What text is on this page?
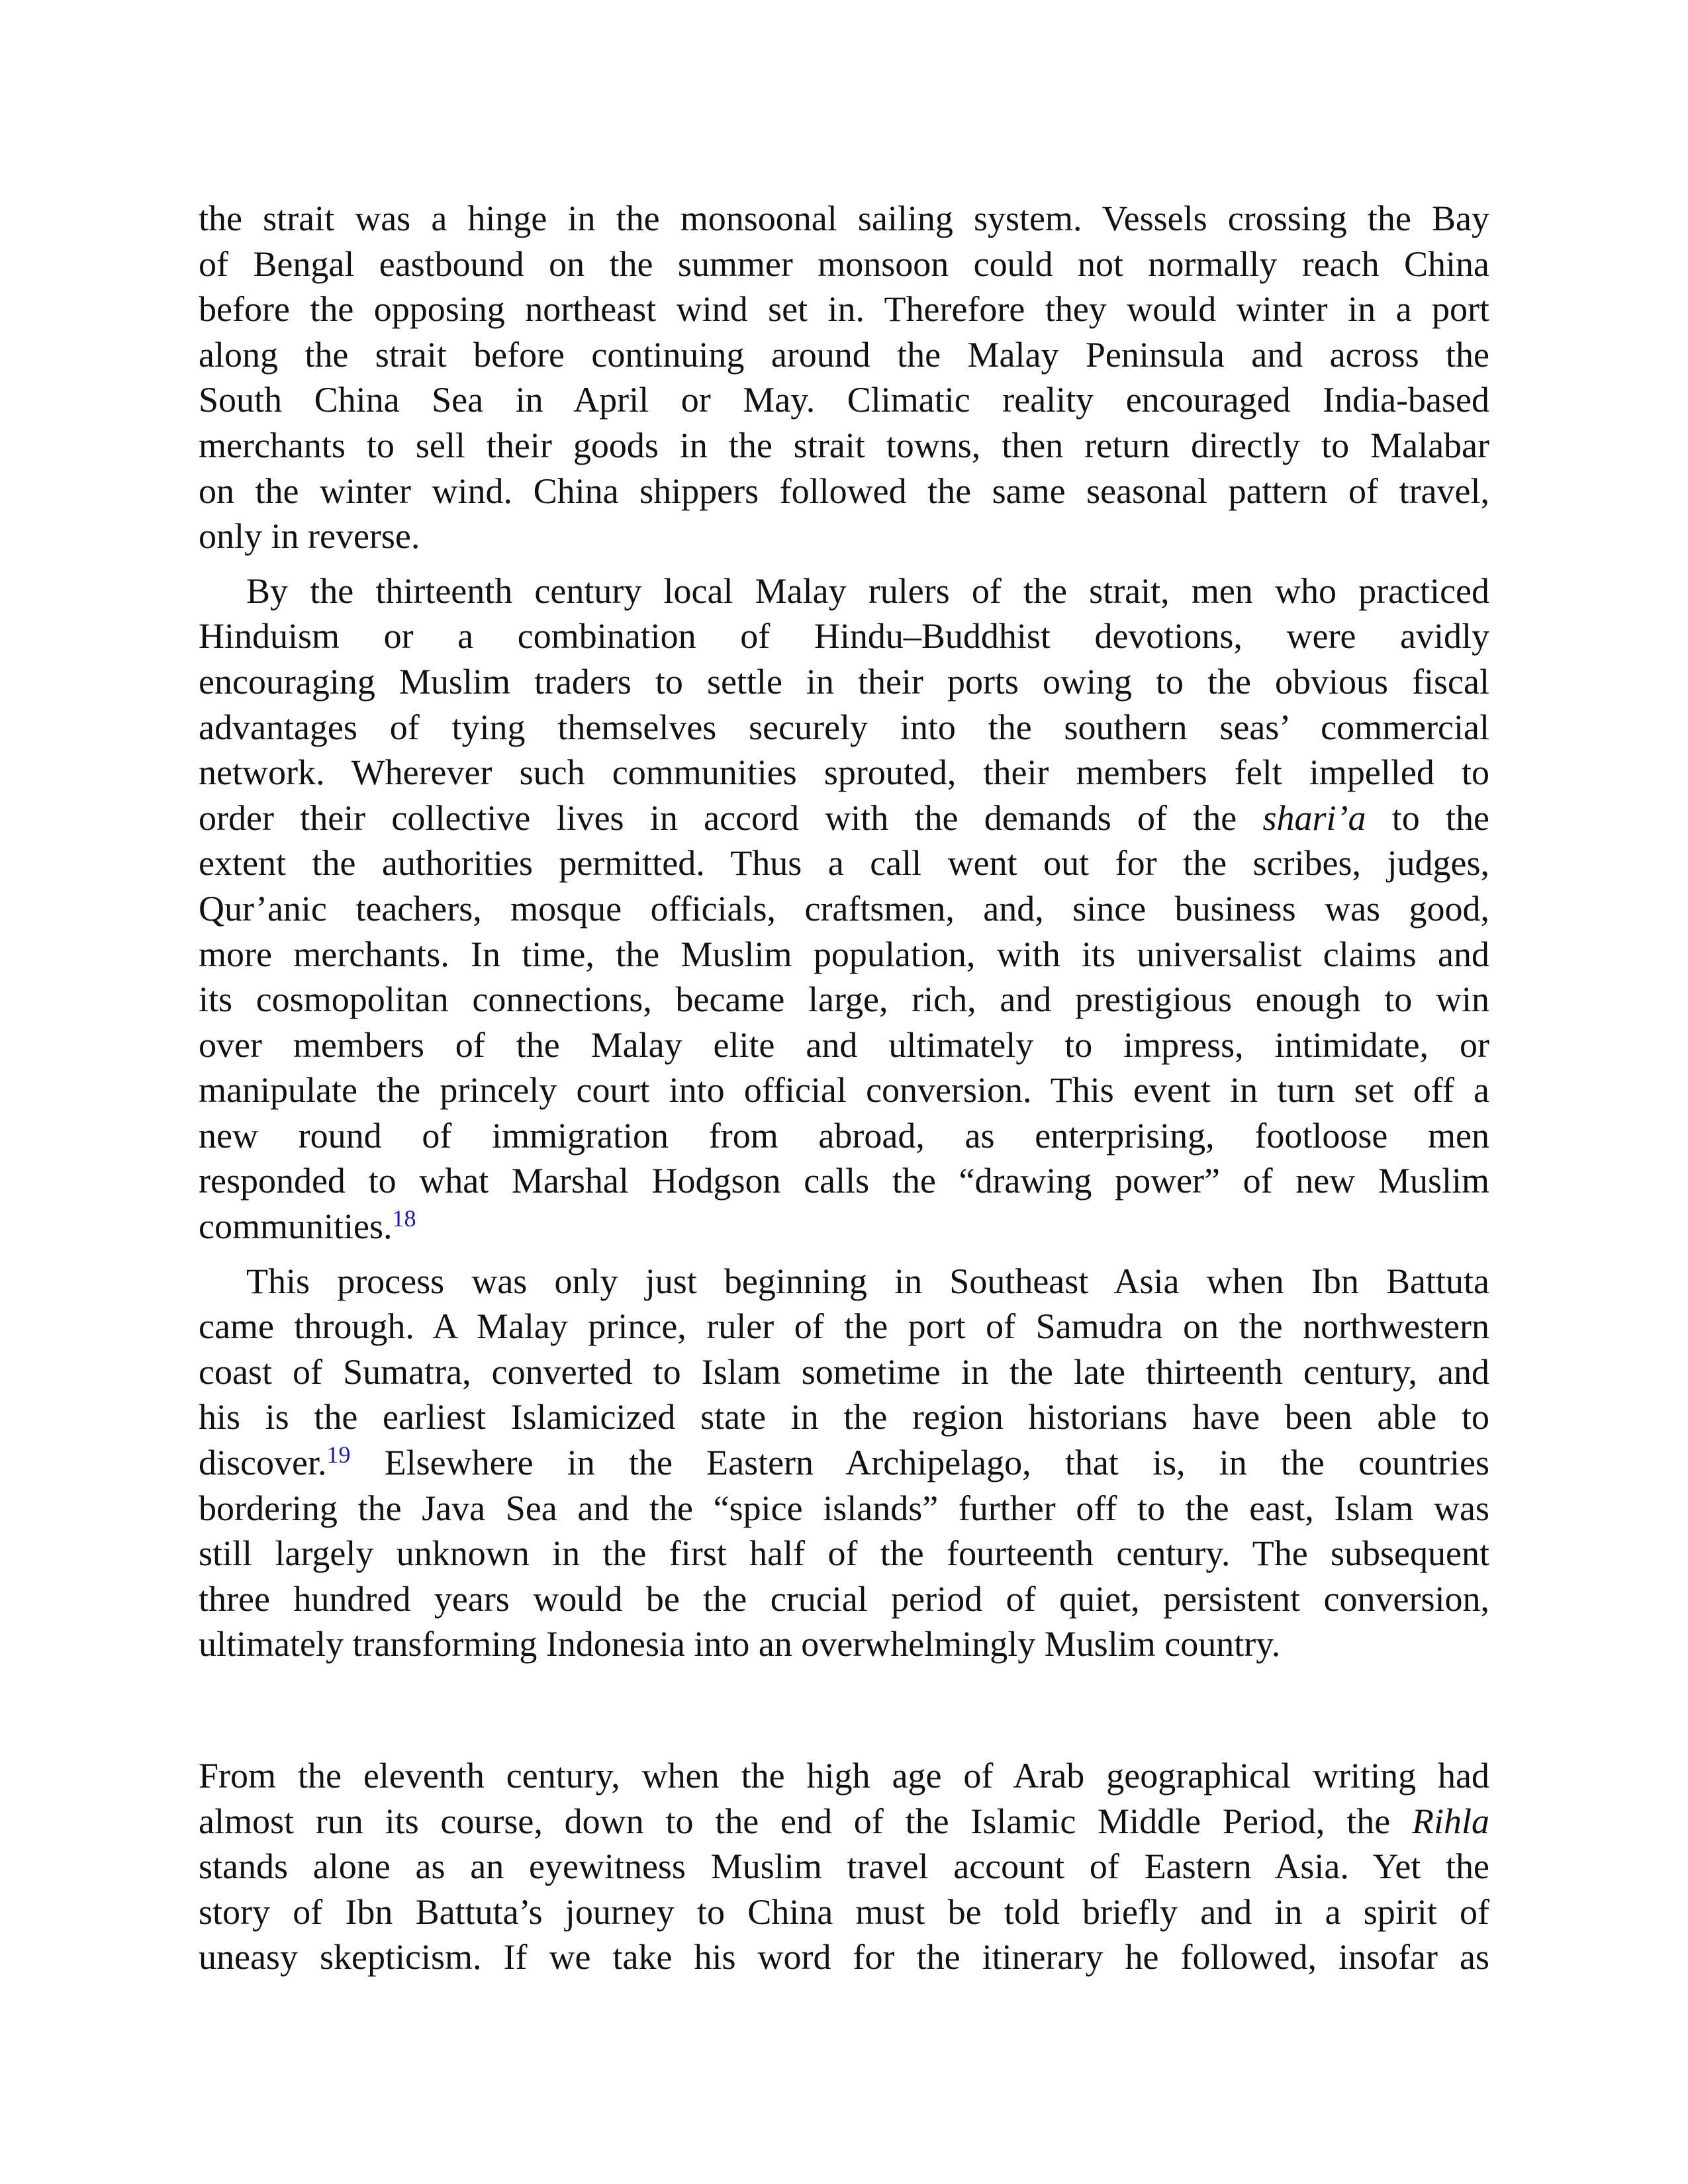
the strait was a hinge in the monsoonal sailing system. Vessels crossing the Bay
of Bengal eastbound on the summer monsoon could not normally reach China
before the opposing northeast wind set in. Therefore they would winter in a port
along the strait before continuing around the Malay Peninsula and across the
South China Sea in April or May. Climatic reality encouraged India-based
merchants to sell their goods in the strait towns, then return directly to Malabar
on the winter wind. China shippers followed the same seasonal pattern of travel,
only in reverse.

By the thirteenth century local Malay rulers of the strait, men who practiced
Hinduism or a combination of Hindu–Buddhist devotions, were avidly
encouraging Muslim traders to settle in their ports owing to the obvious fiscal
advantages of tying themselves securely into the southern seas’ commercial
network. Wherever such communities sprouted, their members felt impelled to
order their collective lives in accord with the demands of the shari’a to the
extent the authorities permitted. Thus a call went out for the scribes, judges,
Qur’anic teachers, mosque officials, craftsmen, and, since business was good,
more merchants. In time, the Muslim population, with its universalist claims and
its cosmopolitan connections, became large, rich, and prestigious enough to win
over members of the Malay elite and ultimately to impress, intimidate, or
manipulate the princely court into official conversion. This event in turn set off a
new round of immigration from abroad, as enterprising, footloose men
responded to what Marshal Hodgson calls the “drawing power” of new Muslim
communities.$^{18}$

This process was only just beginning in Southeast Asia when Ibn Battuta
came through. A Malay prince, ruler of the port of Samudra on the northwestern
coast of Sumatra, converted to Islam sometime in the late thirteenth century, and
his is the earliest Islamicized state in the region historians have been able to
discover.$^{19}$ Elsewhere in the Eastern Archipelago, that is, in the countries
bordering the Java Sea and the “spice islands” further off to the east, Islam was
still largely unknown in the first half of the fourteenth century. The subsequent
three hundred years would be the crucial period of quiet, persistent conversion,
ultimately transforming Indonesia into an overwhelmingly Muslim country.

From the eleventh century, when the high age of Arab geographical writing had
almost run its course, down to the end of the Islamic Middle Period, the Rihla
stands alone as an eyewitness Muslim travel account of Eastern Asia. Yet the
story of Ibn Battuta’s journey to China must be told briefly and in a spirit of
uneasy skepticism. If we take his word for the itinerary he followed, insofar as
